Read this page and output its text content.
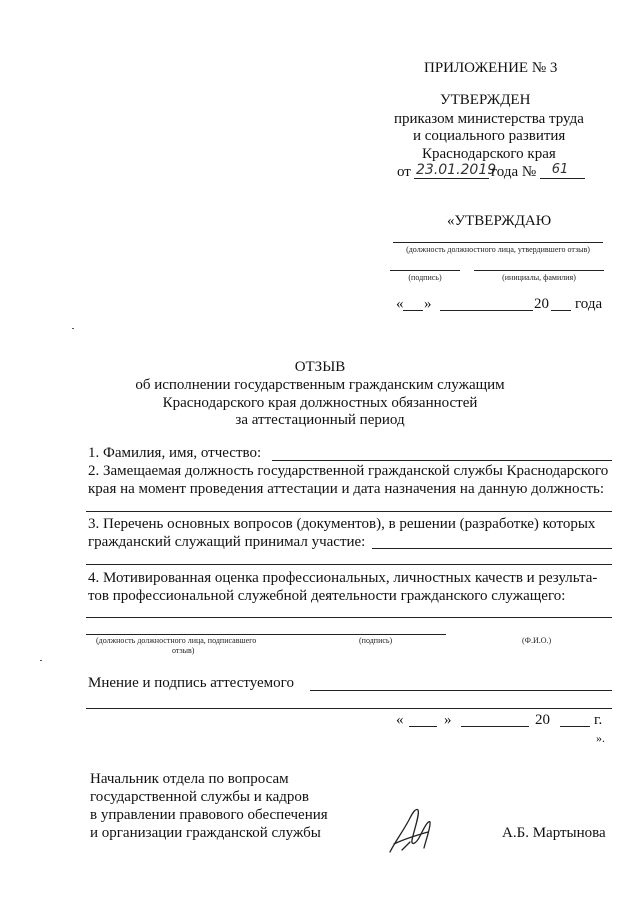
ПРИЛОЖЕНИЕ № 3
УТВЕРЖДЕН
приказом министерства труда
и социального развития
Краснодарского края
от 23.01.2019
года №	61
«УТВЕРЖДАЮ
(должность должностного лица, утвердившего отзыв)
(подпись)	(инициалы, фамилия)
« »	20 года
ОТЗЫВ
об исполнении государственным гражданским служащим
Краснодарского края должностных обязанностей
за аттестационный период
1. Фамилия, имя, отчество:
2. Замещаемая должность государственной гражданской службы Краснодарского
края на момент проведения аттестации и дата назначения на данную должность:
3. Перечень основных вопросов (документов), в решении (разработке) которых
гражданский служащий принимал участие:
4. Мотивированная оценка профессиональных, личностных качеств и результа-
тов профессиональной служебной деятельности гражданского служащего:
(должность должностного лица, подписавшего
отзыв)
(подпись)	(Ф.И.О.)
Мнение и подпись аттестуемого
«	»	20	г.
».
Начальник отдела по вопросам
государственной службы и кадров
в управлении правового обеспечения
и организации гражданской службы	А.Б. Мартынова
